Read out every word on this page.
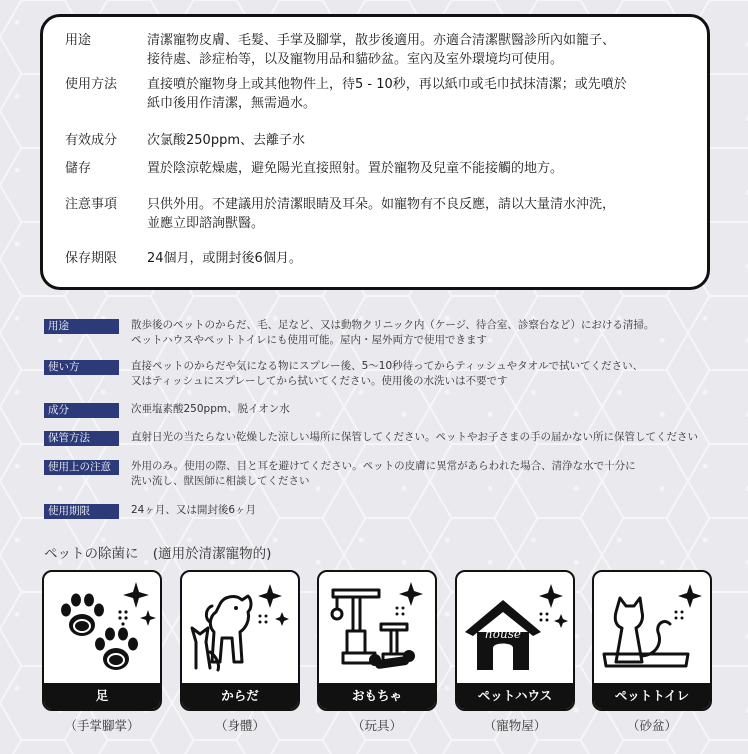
用途	清潔寵物皮膚、毛髮、手掌及腳掌，散步後適用。亦適合清潔獸醫診所內如籠子、
接待處、診症枱等，以及寵物用品和貓砂盆。室內及室外環境均可使用。
使用方法	直接噴於寵物身上或其他物件上，待5 - 10秒，再以紙巾或毛巾拭抹清潔；或先噴於
紙巾後用作清潔，無需過水。
有效成分	次氯酸250ppm、去離子水
儲存	置於陰涼乾燥處，避免陽光直接照射。置於寵物及兒童不能接觸的地方。
注意事項	只供外用。不建議用於清潔眼睛及耳朵。如寵物有不良反應，請以大量清水沖洗，
並應立即諮詢獸醫。
保存期限	24個月，或開封後6個月。
用途	散歩後のペットのからだ、毛、足など、又は動物クリニック内（ケージ、待合室、診察台など）における清掃。
ペットハウスやペットトイレにも使用可能。屋内・屋外両方で使用できます
使い方	直接ペットのからだや気になる物にスプレー後、5〜10秒待ってからティッシュやタオルで拭いてください、
又はティッシュにスプレーしてから拭いてください。使用後の水洗いは不要です
成分	次亜塩素酸250ppm、脱イオン水
保管方法	直射日光の当たらない乾燥した涼しい場所に保管してください。ペットやお子さまの手の届かない所に保管してください
使用上の注意	外用のみ。使用の際、目と耳を避けてください。ペットの皮膚に異常があらわれた場合、清浄な水で十分に
洗い流し、獣医師に相談してください
使用期限	24ヶ月、又は開封後6ヶ月
ペットの除菌に (適用於清潔寵物的)
足
（手掌腳掌）
からだ
（身體）
おもちゃ
（玩具）
house
ペットハウス
（寵物屋）
ペットトイレ
（砂盆）
